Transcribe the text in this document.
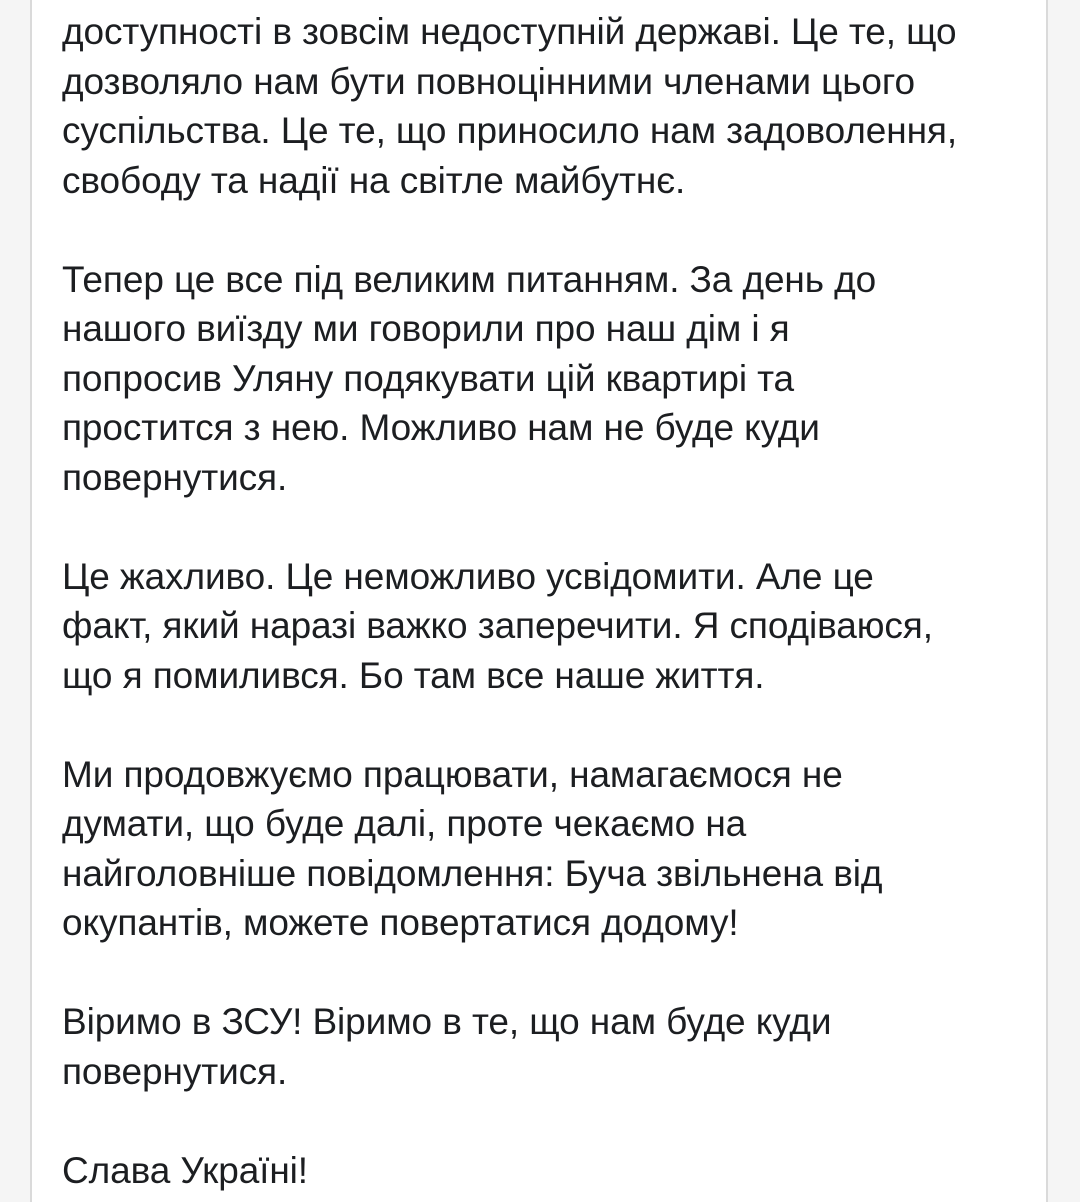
доступності в зовсім недоступній державі. Це те, що
дозволяло нам бути повноцінними членами цього
суспільства. Це те, що приносило нам задоволення,
свободу та надії на світле майбутнє.
Тепер це все під великим питанням. За день до
нашого виїзду ми говорили про наш дім і я
попросив Уляну подякувати цій квартирі та
простится з нею. Можливо нам не буде куди
повернутися.
Це жахливо. Це неможливо усвідомити. Але це
факт, який наразі важко заперечити. Я сподіваюся,
що я помилився. Бо там все наше життя.
Ми продовжуємо працювати, намагаємося не
думати, що буде далі, проте чекаємо на
найголовніше повідомлення: Буча звільнена від
окупантів, можете повертатися додому!
Віримо в ЗСУ! Віримо в те, що нам буде куди
повернутися.
Слава Україні!
